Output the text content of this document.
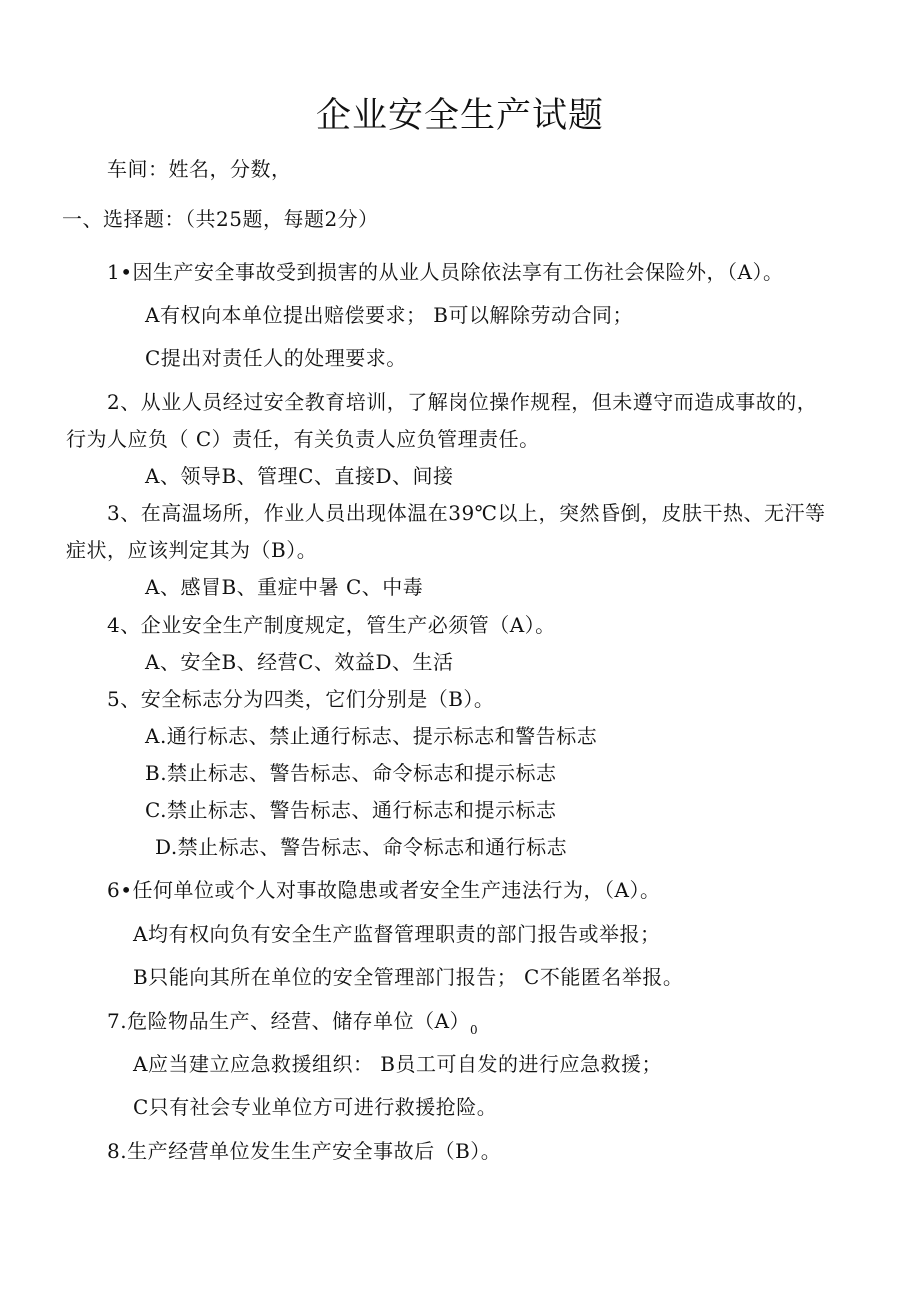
企业安全生产试题
车间：姓名，分数，
一、选择题：（共25题，每题2分）
1•因生产安全事故受到损害的从业人员除依法享有工伤社会保险外，（A）。
A有权向本单位提出赔偿要求； B可以解除劳动合同；
C提出对责任人的处理要求。
2、从业人员经过安全教育培训，了解岗位操作规程，但未遵守而造成事故的，
行为人应负（ C）责任，有关负责人应负管理责任。
A、领导B、管理C、直接D、间接
3、在高温场所，作业人员出现体温在39℃以上，突然昏倒，皮肤干热、无汗等
症状，应该判定其为（B）。
A、感冒B、重症中暑 C、中毒
4、企业安全生产制度规定，管生产必须管（A）。
A、安全B、经营C、效益D、生活
5、安全标志分为四类，它们分别是（B）。
A.通行标志、禁止通行标志、提示标志和警告标志
B.禁止标志、警告标志、命令标志和提示标志
C.禁止标志、警告标志、通行标志和提示标志
D.禁止标志、警告标志、命令标志和通行标志
6•任何单位或个人对事故隐患或者安全生产违法行为，（A）。
A均有权向负有安全生产监督管理职责的部门报告或举报；
B只能向其所在单位的安全管理部门报告； C不能匿名举报。
7.危险物品生产、经营、储存单位$(A)_0$
A应当建立应急救援组织： B员工可自发的进行应急救援；
C只有社会专业单位方可进行救援抢险。
8.生产经营单位发生生产安全事故后（B）。
